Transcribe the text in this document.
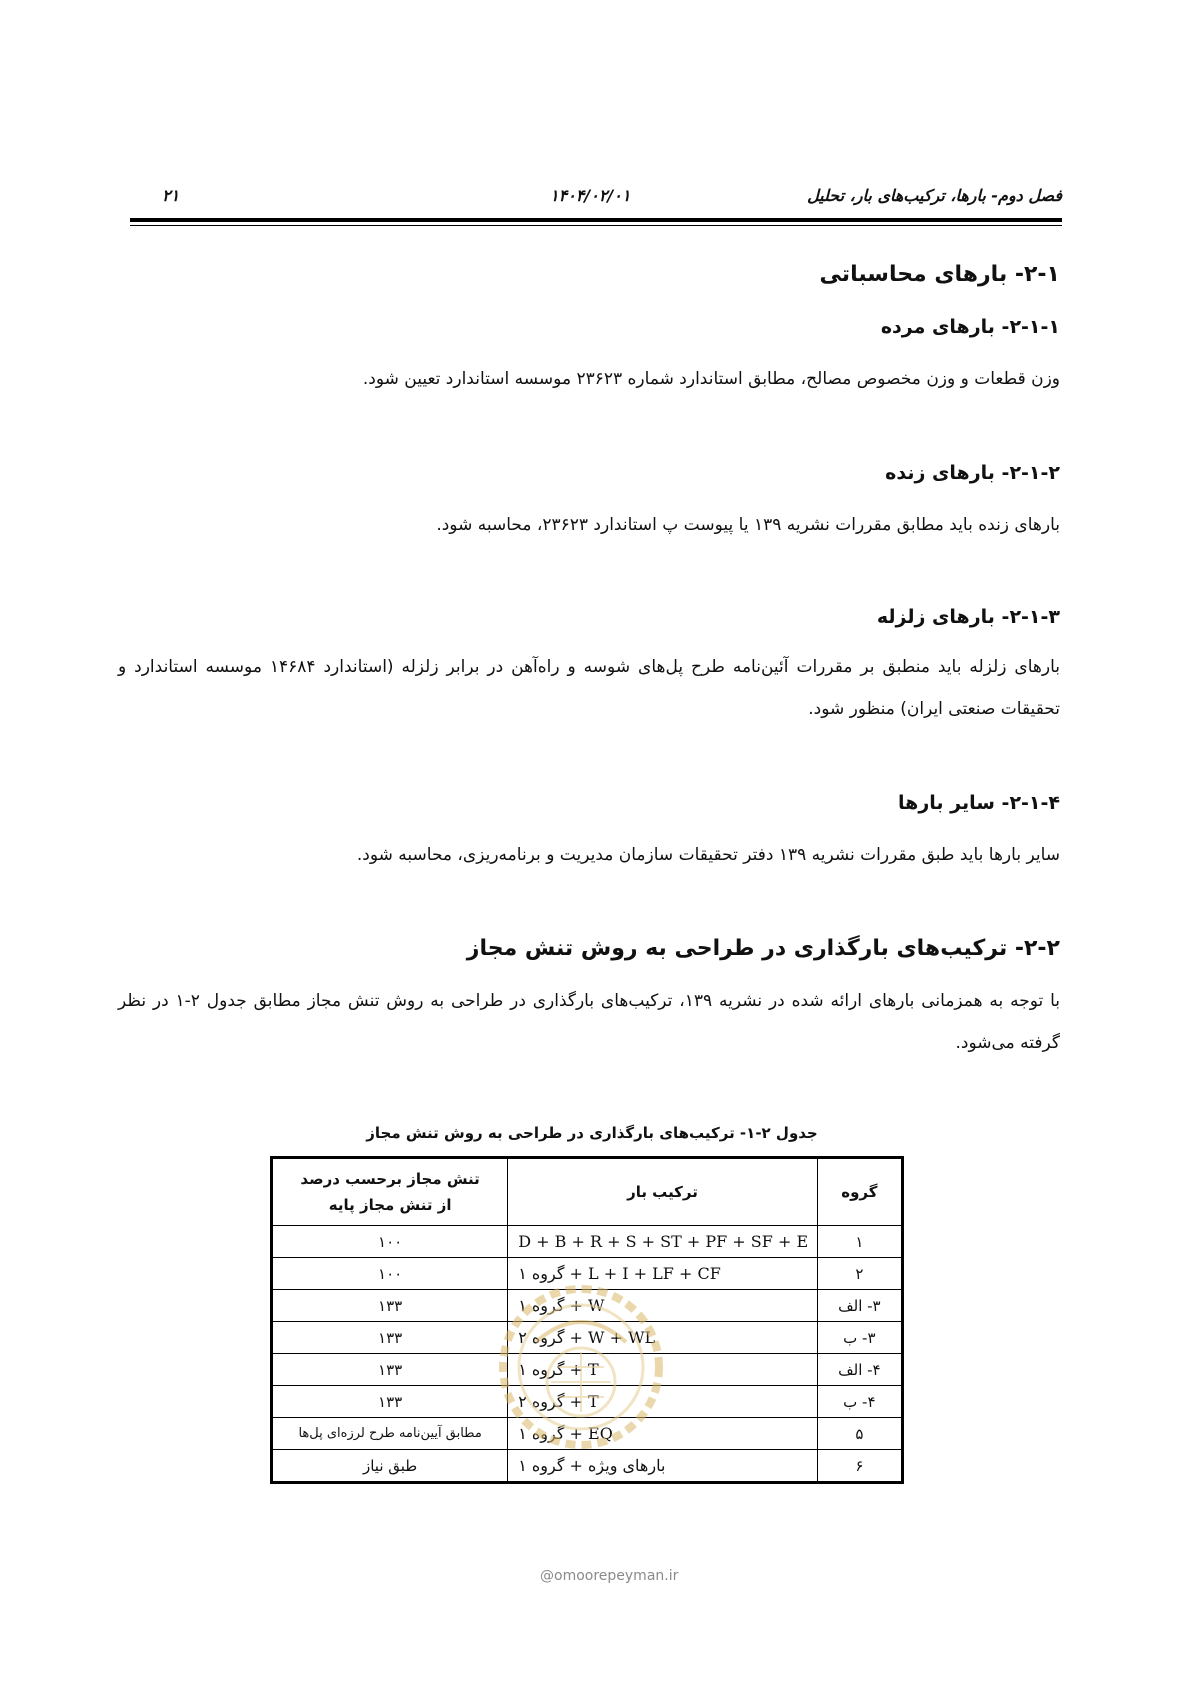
فصل دوم- بارها، ترکیب‌های بار، تحلیل
۱۴۰۴/۰۲/۰۱
۲۱
۲-۱- بارهای محاسباتی
۲-۱-۱- بارهای مرده

وزن قطعات و وزن مخصوص مصالح، مطابق استاندارد شماره ۲۳۶۲۳ موسسه استاندارد تعیین شود.

۲-۱-۲- بارهای زنده

بارهای زنده باید مطابق مقررات نشریه ۱۳۹ یا پیوست پ استاندارد ۲۳۶۲۳، محاسبه شود.

۲-۱-۳- بارهای زلزله

بارهای زلزله باید منطبق بر مقررات آئین‌نامه طرح پل‌های شوسه و راه‌آهن در برابر زلزله (استاندارد ۱۴۶۸۴ موسسه استاندارد و تحقیقات صنعتی ایران) منظور شود.

۲-۱-۴- سایر بارها

سایر بارها باید طبق مقررات نشریه ۱۳۹ دفتر تحقیقات سازمان مدیریت و برنامه‌ریزی، محاسبه شود.

۲-۲- ترکیب‌های بارگذاری در طراحی به روش تنش مجاز

با توجه به همزمانی بارهای ارائه شده در نشریه ۱۳۹، ترکیب‌های بارگذاری در طراحی به روش تنش مجاز مطابق جدول ۲-۱ در نظر گرفته می‌شود.

جدول ۲-۱- ترکیب‌های بارگذاری در طراحی به روش تنش مجاز
گروه	ترکیب بار	تنش مجاز برحسب درصد
از تنش مجاز پایه

۱	D + B + R + S + ST + PF + SF + E	۱۰۰
۲	گروه ۱ + L + I + LF + CF	۱۰۰
۳- الف	گروه ۱ + W	۱۳۳
۳- ب	گروه ۲ + W + WL	۱۳۳
۴- الف	گروه ۱ + T	۱۳۳
۴- ب	گروه ۲ + T	۱۳۳
۵	گروه ۱ + EQ	مطابق آیین‌نامه طرح لرزه‌ای پل‌ها
۶	بارهای ویژه + گروه ۱	طبق نیاز
@omoorepeyman.ir
